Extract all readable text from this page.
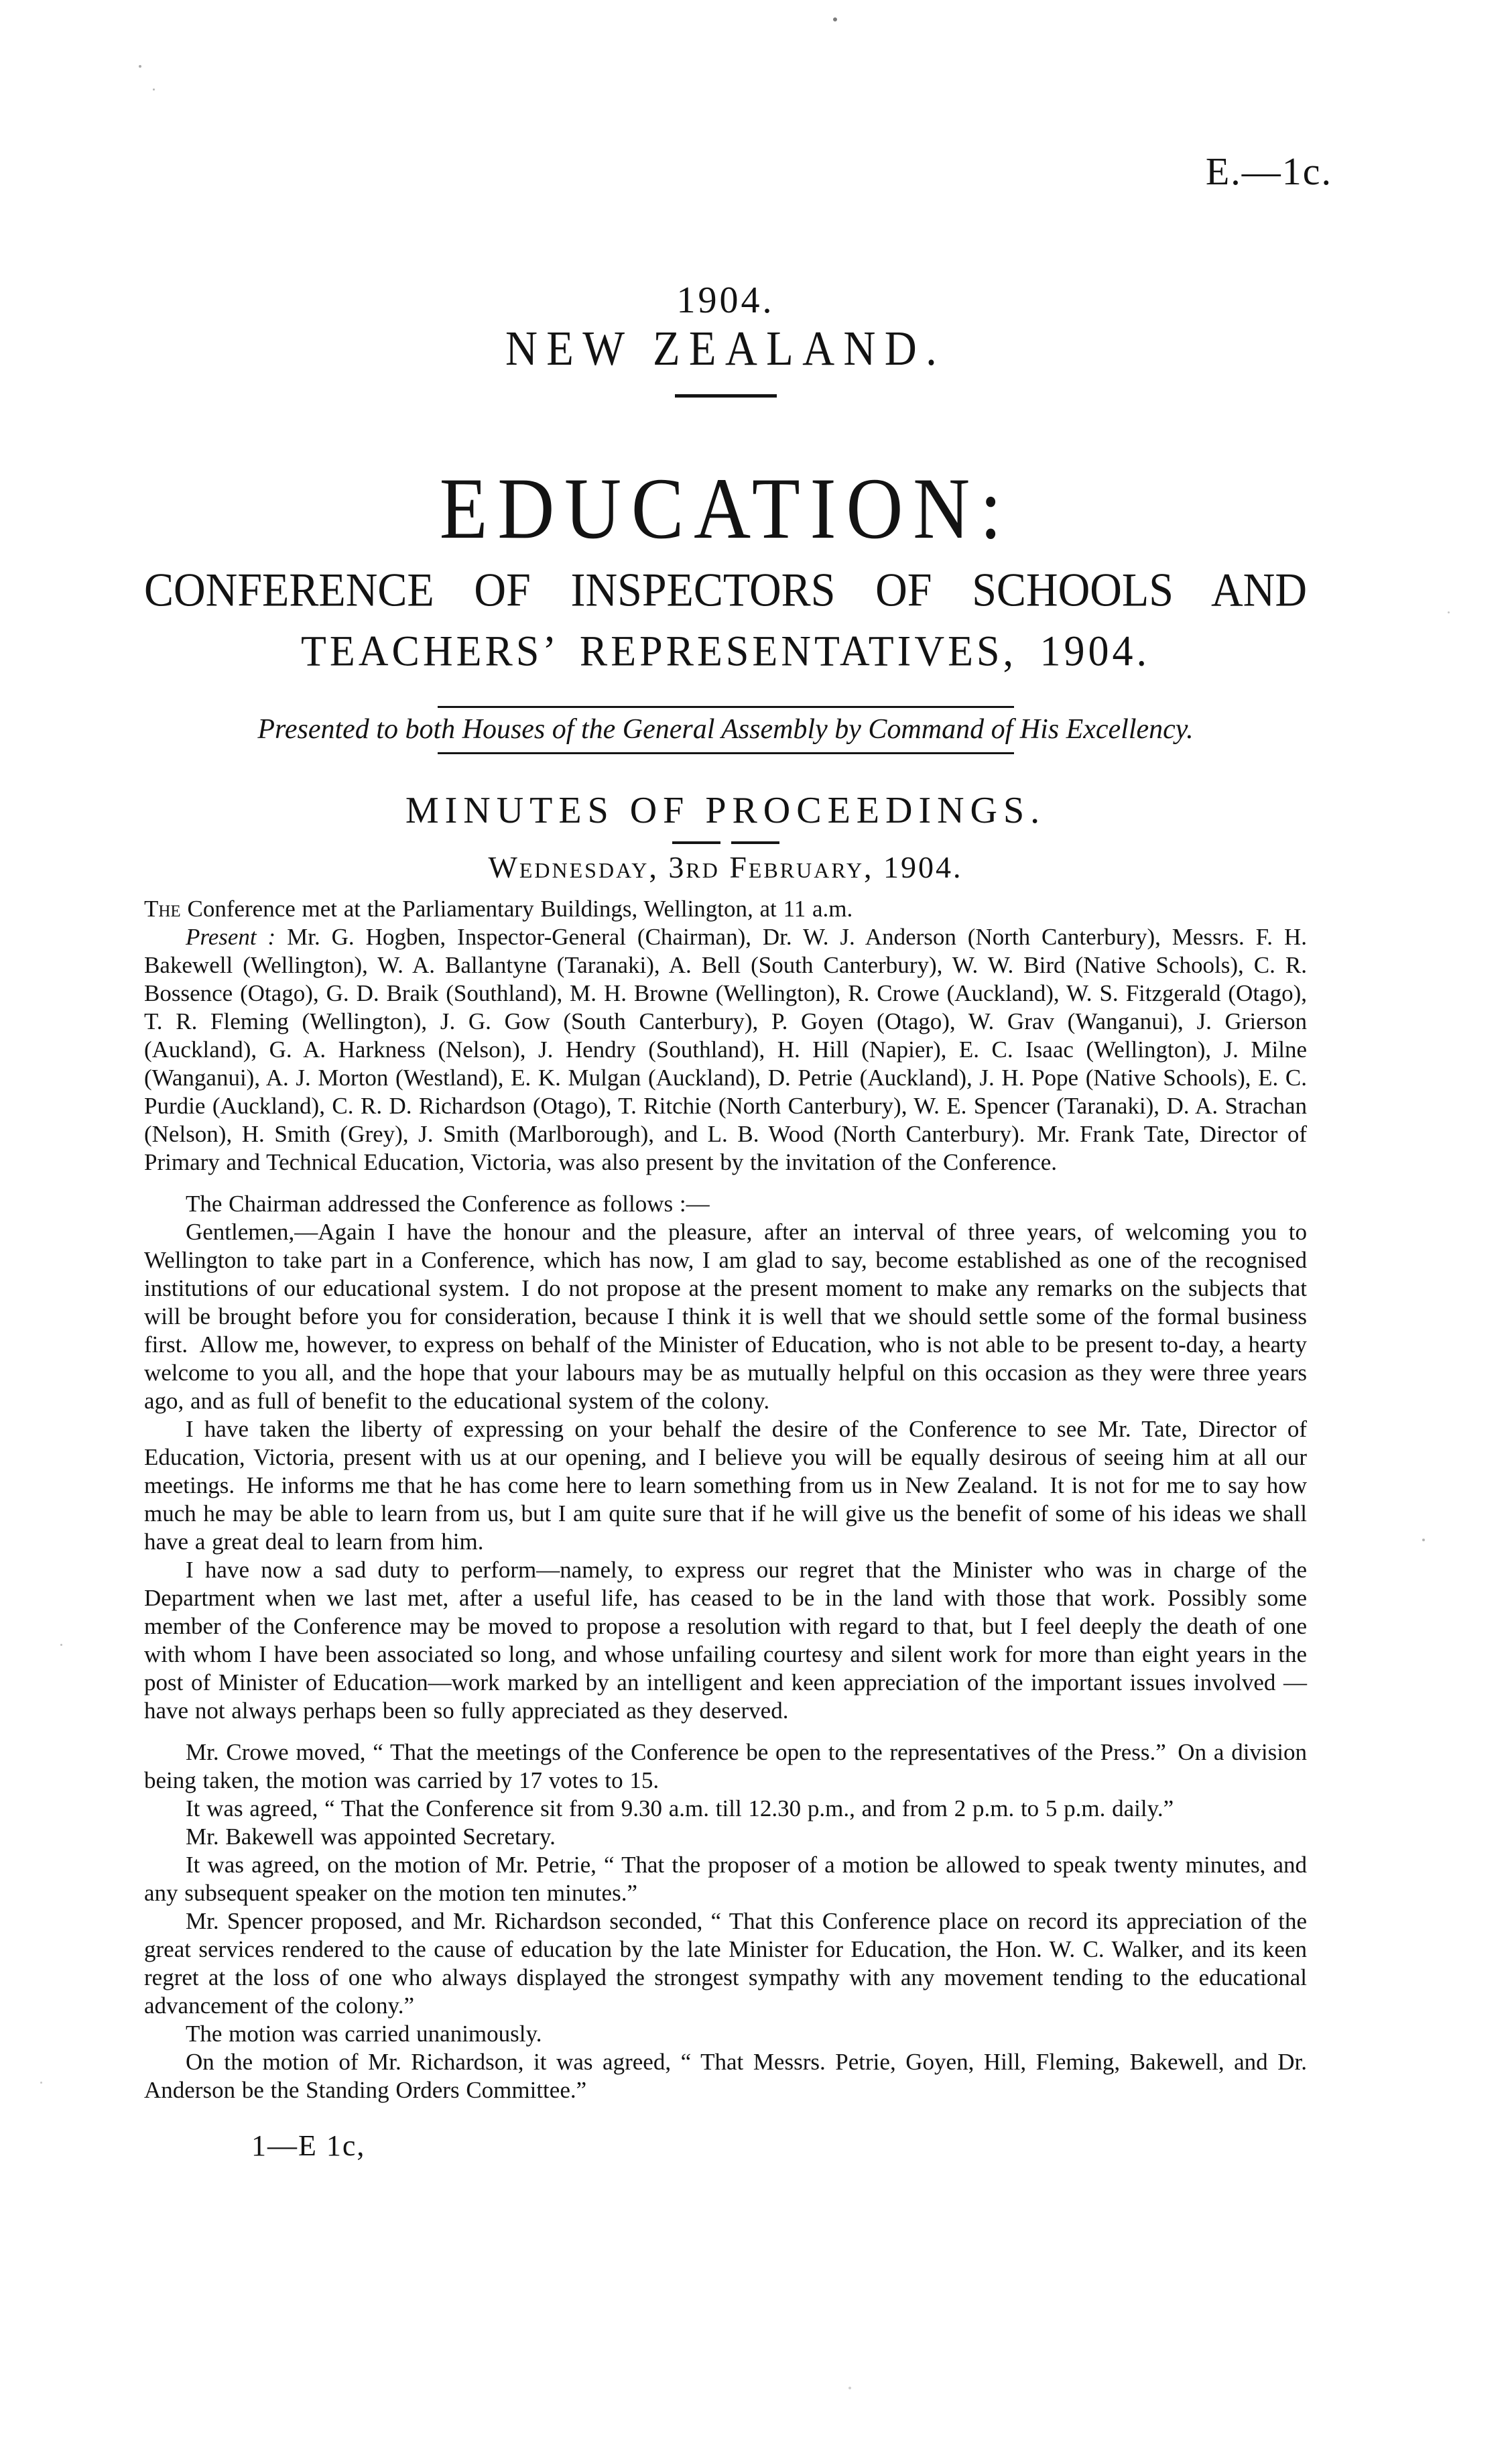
E.—1c.
1904.
NEW ZEALAND.
EDUCATION:
CONFERENCE OF INSPECTORS OF SCHOOLS AND
TEACHERS’ REPRESENTATIVES, 1904.
Presented to both Houses of the General Assembly by Command of His Excellency.
MINUTES OF PROCEEDINGS.
Wednesday, 3rd February, 1904.

The Conference met at the Parliamentary Buildings, Wellington, at 11 a.m.

Present : Mr. G. Hogben, Inspector-General (Chairman), Dr. W. J. Anderson (North Canterbury), Messrs. F. H. Bakewell (Wellington), W. A. Ballantyne (Taranaki), A. Bell (South Canterbury), W. W. Bird (Native Schools), C. R. Bossence (Otago), G. D. Braik (Southland), M. H. Browne (Wellington), R. Crowe (Auckland), W. S. Fitzgerald (Otago), T. R. Fleming (Wellington), J. G. Gow (South Canterbury), P. Goyen (Otago), W. Grav (Wanganui), J. Grierson (Auckland), G. A. Harkness (Nelson), J. Hendry (Southland), H. Hill (Napier), E. C. Isaac (Wellington), J. Milne (Wanganui), A. J. Morton (Westland), E. K. Mulgan (Auckland), D. Petrie (Auckland), J. H. Pope (Native Schools), E. C. Purdie (Auckland), C. R. D. Richardson (Otago), T. Ritchie (North Canterbury), W. E. Spencer (Taranaki), D. A. Strachan (Nelson), H. Smith (Grey), J. Smith (Marlborough), and L. B. Wood (North Canterbury). Mr. Frank Tate, Director of Primary and Technical Education, Victoria, was also present by the invitation of the Conference.

The Chairman addressed the Conference as follows :—

Gentlemen,—Again I have the honour and the pleasure, after an interval of three years, of welcoming you to Wellington to take part in a Conference, which has now, I am glad to say, become established as one of the recognised institutions of our educational system. I do not propose at the present moment to make any remarks on the subjects that will be brought before you for consideration, because I think it is well that we should settle some of the formal business first. Allow me, however, to express on behalf of the Minister of Education, who is not able to be present to-day, a hearty welcome to you all, and the hope that your labours may be as mutually helpful on this occasion as they were three years ago, and as full of benefit to the educational system of the colony.

I have taken the liberty of expressing on your behalf the desire of the Conference to see Mr. Tate, Director of Education, Victoria, present with us at our opening, and I believe you will be equally desirous of seeing him at all our meetings. He informs me that he has come here to learn something from us in New Zealand. It is not for me to say how much he may be able to learn from us, but I am quite sure that if he will give us the benefit of some of his ideas we shall have a great deal to learn from him.

I have now a sad duty to perform—namely, to express our regret that the Minister who was in charge of the Department when we last met, after a useful life, has ceased to be in the land with those that work. Possibly some member of the Conference may be moved to propose a resolution with regard to that, but I feel deeply the death of one with whom I have been associated so long, and whose unfailing courtesy and silent work for more than eight years in the post of Minister of Education—work marked by an intelligent and keen appreciation of the important issues involved —have not always perhaps been so fully appreciated as they deserved.

Mr. Crowe moved, “ That the meetings of the Conference be open to the representatives of the Press.” On a division being taken, the motion was carried by 17 votes to 15.

It was agreed, “ That the Conference sit from 9.30 a.m. till 12.30 p.m., and from 2 p.m. to 5 p.m. daily.”

Mr. Bakewell was appointed Secretary.

It was agreed, on the motion of Mr. Petrie, “ That the proposer of a motion be allowed to speak twenty minutes, and any subsequent speaker on the motion ten minutes.”

Mr. Spencer proposed, and Mr. Richardson seconded, “ That this Conference place on record its appreciation of the great services rendered to the cause of education by the late Minister for Education, the Hon. W. C. Walker, and its keen regret at the loss of one who always displayed the strongest sympathy with any movement tending to the educational advancement of the colony.”

The motion was carried unanimously.

On the motion of Mr. Richardson, it was agreed, “ That Messrs. Petrie, Goyen, Hill, Fleming, Bakewell, and Dr. Anderson be the Standing Orders Committee.”

1—E 1c,
